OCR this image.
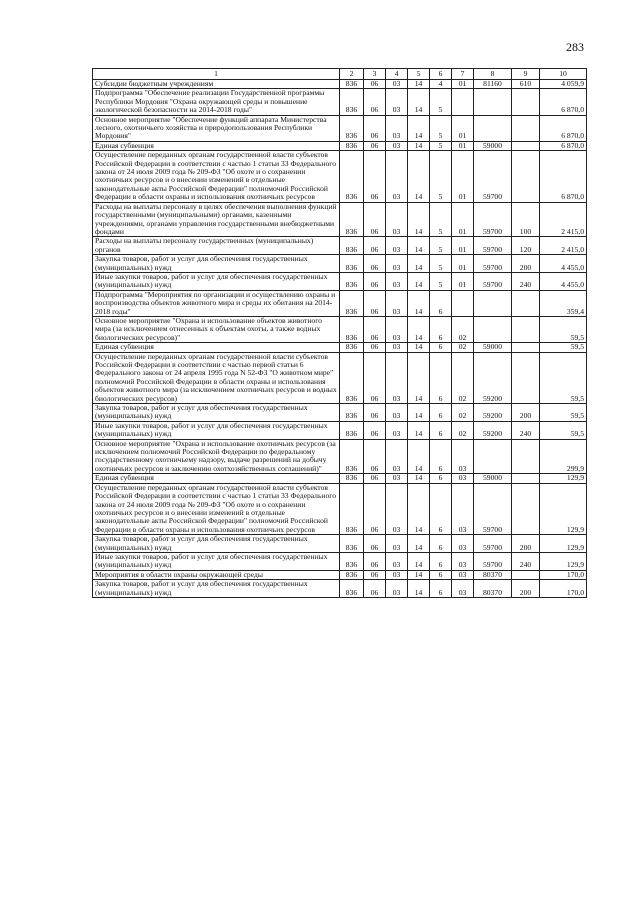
283
1	2	3	4	5	6	7	8	9	10
Субсидии бюджетным учреждениям	836	06	03	14	4	01	81160	610	4 059,9
Подпрограмма "Обеспечение реализации Государственной программы Республики Мордовия "Охрана окружающей среды и повышение экологической безопасности на 2014-2018 годы"	836	06	03	14	5				6 870,0
Основное мероприятие "Обеспечение функций аппарата Министерства лесного, охотничьего хозяйства и природопользования Республики Мордовия"	836	06	03	14	5	01			6 870,0
Единая субвенция	836	06	03	14	5	01	59000		6 870,0
Осуществление переданных органам государственной власти субъектов Российской Федерации в соответствии с частью 1 статьи 33 Федерального закона от 24 июля 2009 года № 209-ФЗ "Об охоте и о сохранении охотничьих ресурсов и о внесении изменений в отдельные законодательные акты Российской Федерации" полномочий Российской Федерации в области охраны и использования охотничьих ресурсов	836	06	03	14	5	01	59700		6 870,0
Расходы на выплаты персоналу в целях обеспечения выполнения функций государственными (муниципальными) органами, казенными учреждениями, органами управления государственными внебюджетными фондами	836	06	03	14	5	01	59700	100	2 415,0
Расходы на выплаты персоналу государственных (муниципальных) органов	836	06	03	14	5	01	59700	120	2 415,0
Закупка товаров, работ и услуг для обеспечения государственных (муниципальных) нужд	836	06	03	14	5	01	59700	200	4 455,0
Иные закупки товаров, работ и услуг для обеспечения государственных (муниципальных) нужд	836	06	03	14	5	01	59700	240	4 455,0
Подпрограмма "Мероприятия по организации и осуществлению охраны и воспроизводства объектов животного мира и среды их обитания на 2014-2018 годы"	836	06	03	14	6				359,4
Основное мероприятие "Охрана и использование объектов животного мира (за исключением отнесенных к объектам охоты, а также водных биологических ресурсов)"	836	06	03	14	6	02			59,5
Единая субвенция	836	06	03	14	6	02	59000		59,5
Осуществление переданных органам государственной власти субъектов Российской Федерации в соответствии с частью первой статьи 6 Федерального закона от 24 апреля 1995 года N 52-ФЗ "О животном мире" полномочий Российской Федерации в области охраны и использования объектов животного мира (за исключением охотничьих ресурсов и водных биологических ресурсов)	836	06	03	14	6	02	59200		59,5
Закупка товаров, работ и услуг для обеспечения государственных (муниципальных) нужд	836	06	03	14	6	02	59200	200	59,5
Иные закупки товаров, работ и услуг для обеспечения государственных (муниципальных) нужд	836	06	03	14	6	02	59200	240	59,5
Основное мероприятие "Охрана и использование охотничьих ресурсов (за исключением полномочий Российской Федерации по федеральному государственному охотничьему надзору, выдаче разрешений на добычу охотничьих ресурсов и заключению охотхозяйственных соглашений)"	836	06	03	14	6	03			299,9
Единая субвенция	836	06	03	14	6	03	59000		129,9
Осуществление переданных органам государственной власти субъектов Российской Федерации в соответствии с частью 1 статьи 33 Федерального закона от 24 июля 2009 года № 209-ФЗ "Об охоте и о сохранении охотничьих ресурсов и о внесении изменений в отдельные законодательные акты Российской Федерации" полномочий Российской Федерации в области охраны и использования охотничьих ресурсов	836	06	03	14	6	03	59700		129,9
Закупка товаров, работ и услуг для обеспечения государственных (муниципальных) нужд	836	06	03	14	6	03	59700	200	129,9
Иные закупки товаров, работ и услуг для обеспечения государственных (муниципальных) нужд	836	06	03	14	6	03	59700	240	129,9
Мероприятия в области охраны окружающей среды	836	06	03	14	6	03	80370		170,0
Закупка товаров, работ и услуг для обеспечения государственных (муниципальных) нужд	836	06	03	14	6	03	80370	200	170,0
